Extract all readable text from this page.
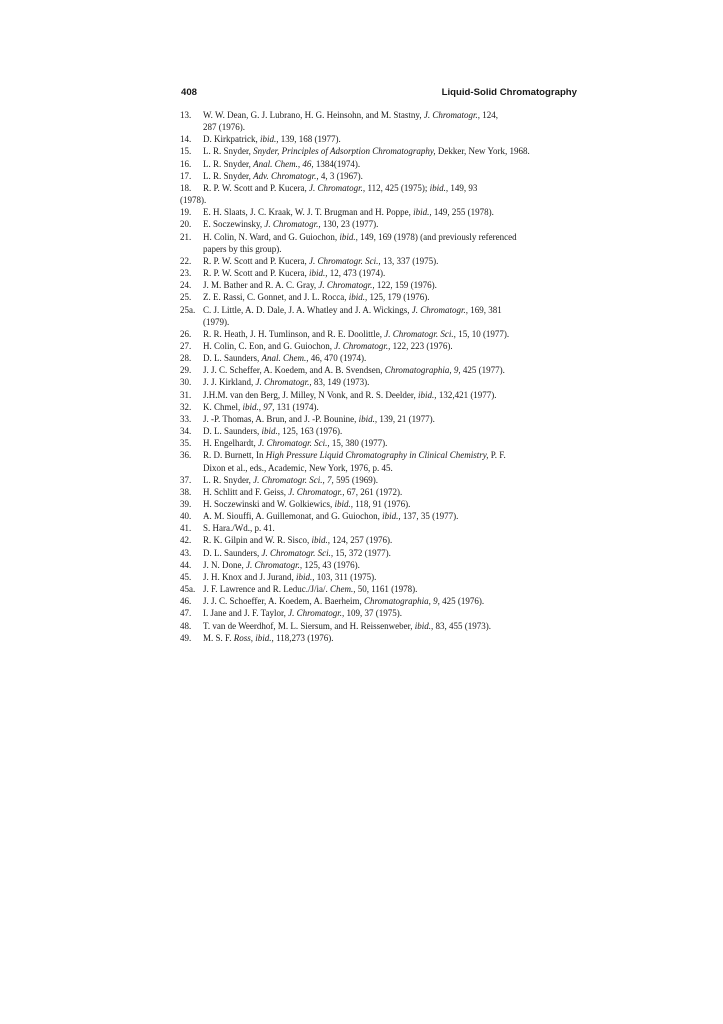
408	Liquid-Solid Chromatography
13.	W. W. Dean, G. J. Lubrano, H. G. Heinsohn, and M. Stastny, J. Chromatogr., 124,
287 (1976).
14.	D. Kirkpatrick, ibid., 139, 168 (1977).
15.	L. R. Snyder, Snyder, Principles of Adsorption Chromatography, Dekker, New York, 1968.
16.	L. R. Snyder, Anal. Chem., 46, 1384(1974).
17.	L. R. Snyder, Adv. Chromatogr., 4, 3 (1967).
18.	R. P. W. Scott and P. Kucera, J. Chromatogr., 112, 425 (1975); ibid., 149, 93
(1978).
19.	E. H. Slaats, J. C. Kraak, W. J. T. Brugman and H. Poppe, ibid., 149, 255 (1978).
20.	E. Soczewinsky, J. Chromatogr., 130, 23 (1977).
21.	H. Colin, N. Ward, and G. Guiochon, ibid., 149, 169 (1978) (and previously referenced
papers by this group).
22.	R. P. W. Scott and P. Kucera, J. Chromatogr. Sci., 13, 337 (1975).
23.	R. P. W. Scott and P. Kucera, ibid., 12, 473 (1974).
24.	J. M. Bather and R. A. C. Gray, J. Chromatogr., 122, 159 (1976).
25.	Z. E. Rassi, C. Gonnet, and J. L. Rocca, ibid., 125, 179 (1976).
25a. C. J. Little, A. D. Dale, J. A. Whatley and J. A. Wickings, J. Chromatogr., 169, 381
(1979).
26.	R. R. Heath, J. H. Tumlinson, and R. E. Doolittle, J. Chromatogr. Sci., 15, 10 (1977).
27.	H. Colin, C. Eon, and G. Guiochon, J. Chromatogr., 122, 223 (1976).
28.	D. L. Saunders, Anal. Chem., 46, 470 (1974).
29.	J. J. C. Scheffer, A. Koedem, and A. B. Svendsen, Chromatographia, 9, 425 (1977).
30.	J. J. Kirkland, J. Chromatogr., 83, 149 (1973).
31.	J.H.M. van den Berg, J. Milley, N Vonk, and R. S. Deelder, ibid., 132,421 (1977).
32.	K. Chmel, ibid., 97, 131 (1974).
33.	J. -P. Thomas, A. Brun, and J. -P. Bounine, ibid., 139, 21 (1977).
34.	D. L. Saunders, ibid., 125, 163 (1976).
35.	H. Engelhardt, J. Chromatogr. Sci., 15, 380 (1977).
36.	R. D. Burnett, In High Pressure Liquid Chromatography in Clinical Chemistry, P. F.
Dixon et al., eds., Academic, New York, 1976, p. 45.
37.	L. R. Snyder, J. Chromatogr. Sci., 7, 595 (1969).
38.	H. Schlitt and F. Geiss, J. Chromatogr., 67, 261 (1972).
39.	H. Soczewinski and W. Golkiewics, ibid., 118, 91 (1976).
40.	A. M. Siouffi, A. Guillemonat, and G. Guiochon, ibid., 137, 35 (1977).
41.	S. Hara./Wd., p. 41.
42.	R. K. Gilpin and W. R. Sisco, ibid., 124, 257 (1976).
43.	D. L. Saunders, J. Chromatogr. Sci., 15, 372 (1977).
44.	J. N. Done, J. Chromatogr., 125, 43 (1976).
45.	J. H. Knox and J. Jurand, ibid., 103, 311 (1975).
45a. J. F. Lawrence and R. Leduc./J/ia/. Chem., 50, 1161 (1978).
46.	J. J. C. Schoeffer, A. Koedem, A. Baerheim, Chromatographia, 9, 425 (1976).
47.	I. Jane and J. F. Taylor, J. Chromatogr., 109, 37 (1975).
48.	T. van de Weerdhof, M. L. Siersum, and H. Reissenweber, ibid., 83, 455 (1973).
49.	M. S. F. Ross, ibid., 118,273 (1976).
